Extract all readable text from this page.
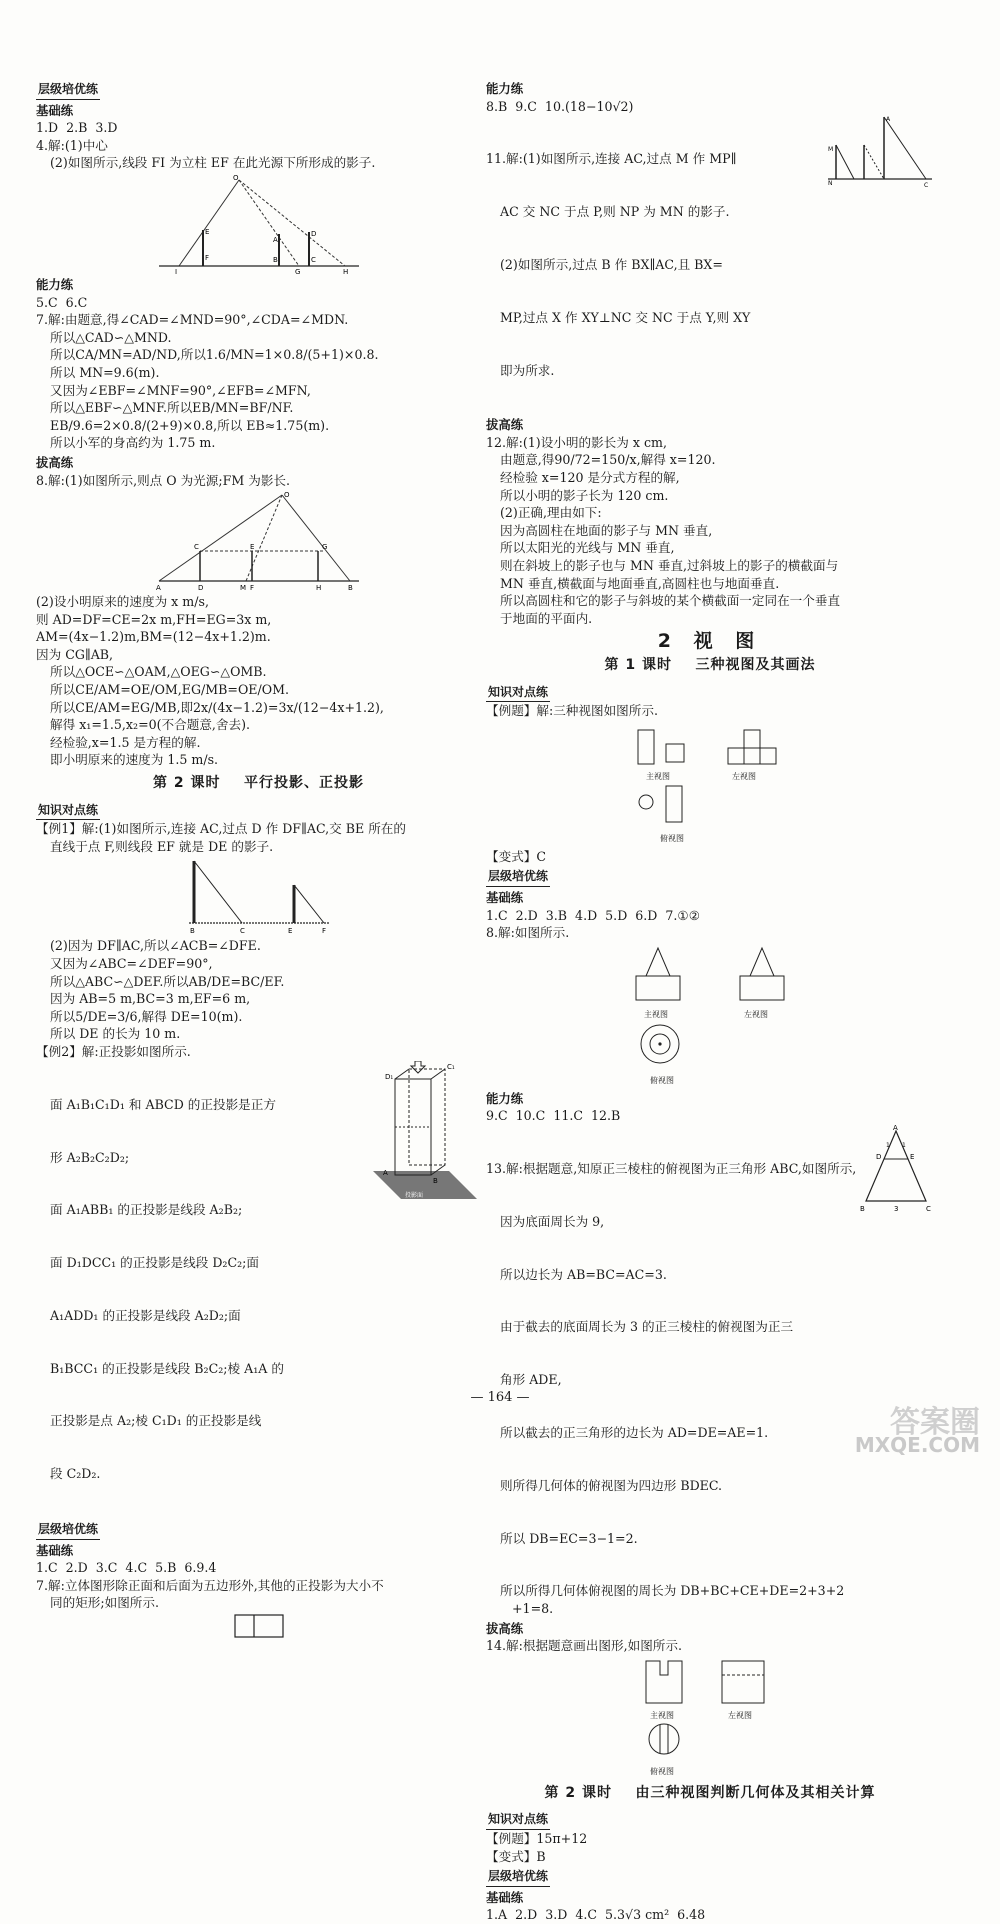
层级培优练
基础练
1.D  2.B  3.D
4.解:(1)中心
(2)如图所示,线段 FI 为立柱 EF 在此光源下所形成的影子.
O
E
F
I
A
B
D
C
G	H
能力练
5.C  6.C
7.解:由题意,得∠CAD=∠MND=90°,∠CDA=∠MDN.
所以△CAD∽△MND.
所以CA/MN=AD/ND,所以1.6/MN=1×0.8/(5+1)×0.8.
所以 MN=9.6(m).
又因为∠EBF=∠MNF=90°,∠EFB=∠MFN,
所以△EBF∽△MNF.所以EB/MN=BF/NF.
EB/9.6=2×0.8/(2+9)×0.8,所以 EB≈1.75(m).
所以小军的身高约为 1.75 m.
拔高练
8.解:(1)如图所示,则点 O 为光源;FM 为影长.
O
C	E	G
A	D	M F	H	B
(2)设小明原来的速度为 x m/s,
则 AD=DF=CE=2x m,FH=EG=3x m,
AM=(4x−1.2)m,BM=(12−4x+1.2)m.
因为 CG∥AB,
所以△OCE∽△OAM,△OEG∽△OMB.
所以CE/AM=OE/OM,EG/MB=OE/OM.
所以CE/AM=EG/MB,即2x/(4x−1.2)=3x/(12−4x+1.2),
解得 x₁=1.5,x₂=0(不合题意,舍去).
经检验,x=1.5 是方程的解.
即小明原来的速度为 1.5 m/s.
第 2 课时    平行投影、正投影
知识对点练
【例1】解:(1)如图所示,连接 AC,过点 D 作 DF∥AC,交 BE 所在的
直线于点 F,则线段 EF 就是 DE 的影子.
B	C	E	F
(2)因为 DF∥AC,所以∠ACB=∠DFE.
又因为∠ABC=∠DEF=90°,
所以△ABC∽△DEF.所以AB/DE=BC/EF.
因为 AB=5 m,BC=3 m,EF=6 m,
所以5/DE=3/6,解得 DE=10(m).
所以 DE 的长为 10 m.
【例2】解:正投影如图所示.

面 A₁B₁C₁D₁ 和 ABCD 的正投影是正方

形 A₂B₂C₂D₂;

面 A₁ABB₁ 的正投影是线段 A₂B₂;

面 D₁DCC₁ 的正投影是线段 D₂C₂;面

A₁ADD₁ 的正投影是线段 A₂D₂;面

B₁BCC₁ 的正投影是线段 B₂C₂;棱 A₁A 的

正投影是点 A₂;棱 C₁D₁ 的正投影是线

段 C₂D₂.

D₁
C₁
A
B
投影面
层级培优练
基础练
1.C  2.D  3.C  4.C  5.B  6.9.4
7.解:立体图形除正面和后面为五边形外,其他的正投影为大小不
同的矩形;如图所示.
能力练
8.B  9.C  10.(18−10√2)

11.解:(1)如图所示,连接 AC,过点 M 作 MP∥

AC 交 NC 于点 P,则 NP 为 MN 的影子.

(2)如图所示,过点 B 作 BX∥AC,且 BX=

MP,过点 X 作 XY⊥NC 交 NC 于点 Y,则 XY

即为所求.

M
N
A
C
拔高练
12.解:(1)设小明的影长为 x cm,
由题意,得90/72=150/x,解得 x=120.
经检验 x=120 是分式方程的解,
所以小明的影子长为 120 cm.
(2)正确,理由如下:
因为高圆柱在地面的影子与 MN 垂直,
所以太阳光的光线与 MN 垂直,
则在斜坡上的影子也与 MN 垂直,过斜坡上的影子的横截面与
MN 垂直,横截面与地面垂直,高圆柱也与地面垂直.
所以高圆柱和它的影子与斜坡的某个横截面一定同在一个垂直
于地面的平面内.
2 视 图
第 1 课时    三种视图及其画法
知识对点练
【例题】解:三种视图如图所示.

主视图

	左视图

俯视图

【变式】C
层级培优练
基础练
1.C  2.D  3.B  4.D  5.D  6.D  7.①②
8.解:如图所示.

主视图

	左视图

俯视图

能力练
9.C  10.C  11.C  12.B

13.解:根据题意,知原正三棱柱的俯视图为正三角形 ABC,如图所示,

因为底面周长为 9,

所以边长为 AB=BC=AC=3.

由于截去的底面周长为 3 的正三棱柱的俯视图为正三

角形 ADE,

所以截去的正三角形的边长为 AD=DE=AE=1.

则所得几何体的俯视图为四边形 BDEC.

所以 DB=EC=3−1=2.

A
D	E
B	C
3
1 1
所以所得几何体俯视图的周长为 DB+BC+CE+DE=2+3+2
+1=8.
拔高练
14.解:根据题意画出图形,如图所示.

主视图

	左视图

俯视图

第 2 课时    由三种视图判断几何体及其相关计算
知识对点练
【例题】15π+12
【变式】B
层级培优练
基础练
1.A  2.D  3.D  4.C  5.3√3 cm²  6.48
— 164 —
答案圈
MXQE.COM
